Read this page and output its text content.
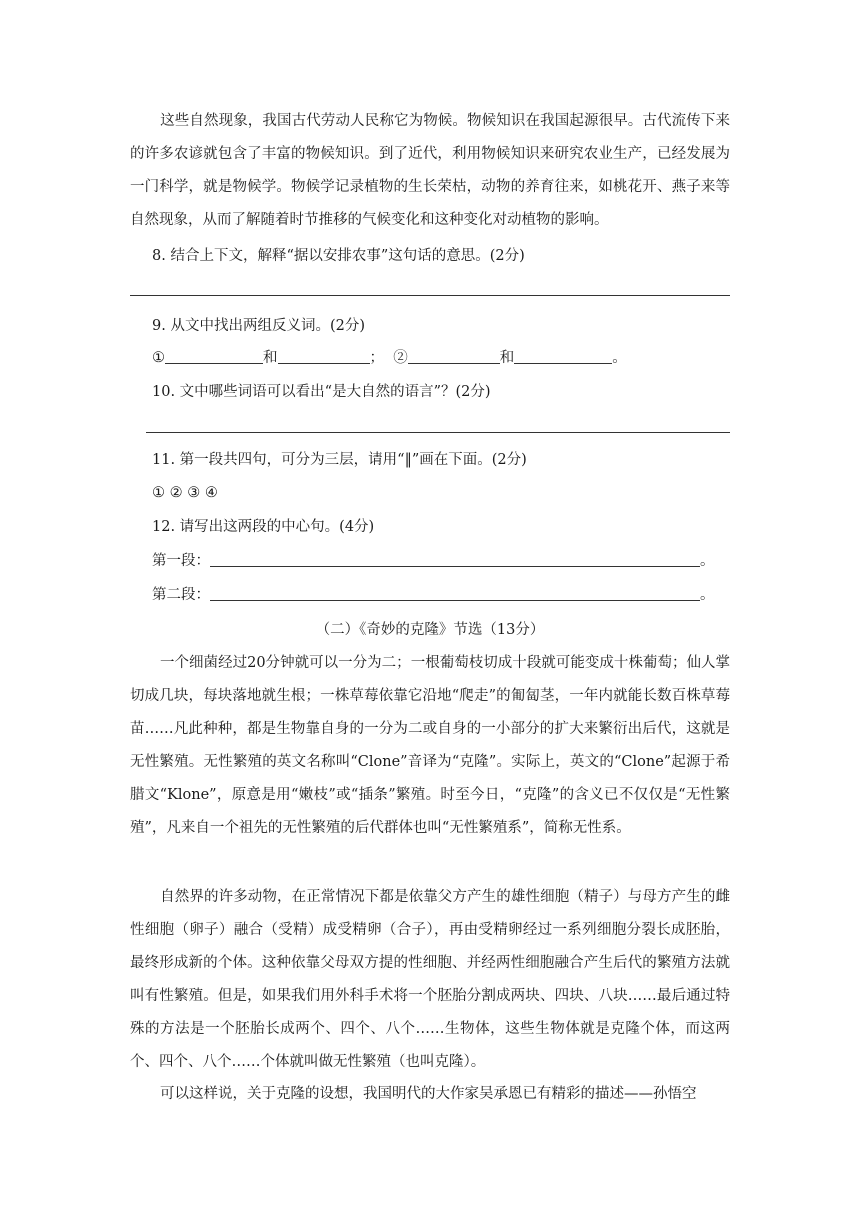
这些自然现象，我国古代劳动人民称它为物候。物候知识在我国起源很早。古代流传下来的许多农谚就包含了丰富的物候知识。到了近代，利用物候知识来研究农业生产，已经发展为一门科学，就是物候学。物候学记录植物的生长荣枯，动物的养育往来，如桃花开、燕子来等自然现象，从而了解随着时节推移的气候变化和这种变化对动植物的影响。

8. 结合上下文，解释“据以安排农事”这句话的意思。(2分)
9. 从文中找出两组反义词。(2分)
①	和	； ②	和	。
10. 文中哪些词语可以看出“是大自然的语言”？(2分)
11. 第一段共四句，可分为三层，请用“‖”画在下面。(2分)
① ② ③ ④
12. 请写出这两段的中心句。(4分)
第一段：	。
第二段：	。
（二）《奇妙的克隆》节选（13分）

一个细菌经过20分钟就可以一分为二；一根葡萄枝切成十段就可能变成十株葡萄；仙人掌切成几块，每块落地就生根；一株草莓依靠它沿地“爬走”的匍匐茎，一年内就能长数百株草莓苗……凡此种种，都是生物靠自身的一分为二或自身的一小部分的扩大来繁衍出后代，这就是无性繁殖。无性繁殖的英文名称叫“Clone”音译为“克隆”。实际上，英文的“Clone”起源于希腊文“Klone”，原意是用“嫩枝”或“插条”繁殖。时至今日，“克隆”的含义已不仅仅是“无性繁殖”，凡来自一个祖先的无性繁殖的后代群体也叫“无性繁殖系”，简称无性系。

自然界的许多动物，在正常情况下都是依靠父方产生的雄性细胞（精子）与母方产生的雌性细胞（卵子）融合（受精）成受精卵（合子），再由受精卵经过一系列细胞分裂长成胚胎，最终形成新的个体。这种依靠父母双方提的性细胞、并经两性细胞融合产生后代的繁殖方法就叫有性繁殖。但是，如果我们用外科手术将一个胚胎分割成两块、四块、八块……最后通过特殊的方法是一个胚胎长成两个、四个、八个……生物体，这些生物体就是克隆个体，而这两个、四个、八个……个体就叫做无性繁殖（也叫克隆）。

可以这样说，关于克隆的设想，我国明代的大作家吴承恩已有精彩的描述——孙悟空
